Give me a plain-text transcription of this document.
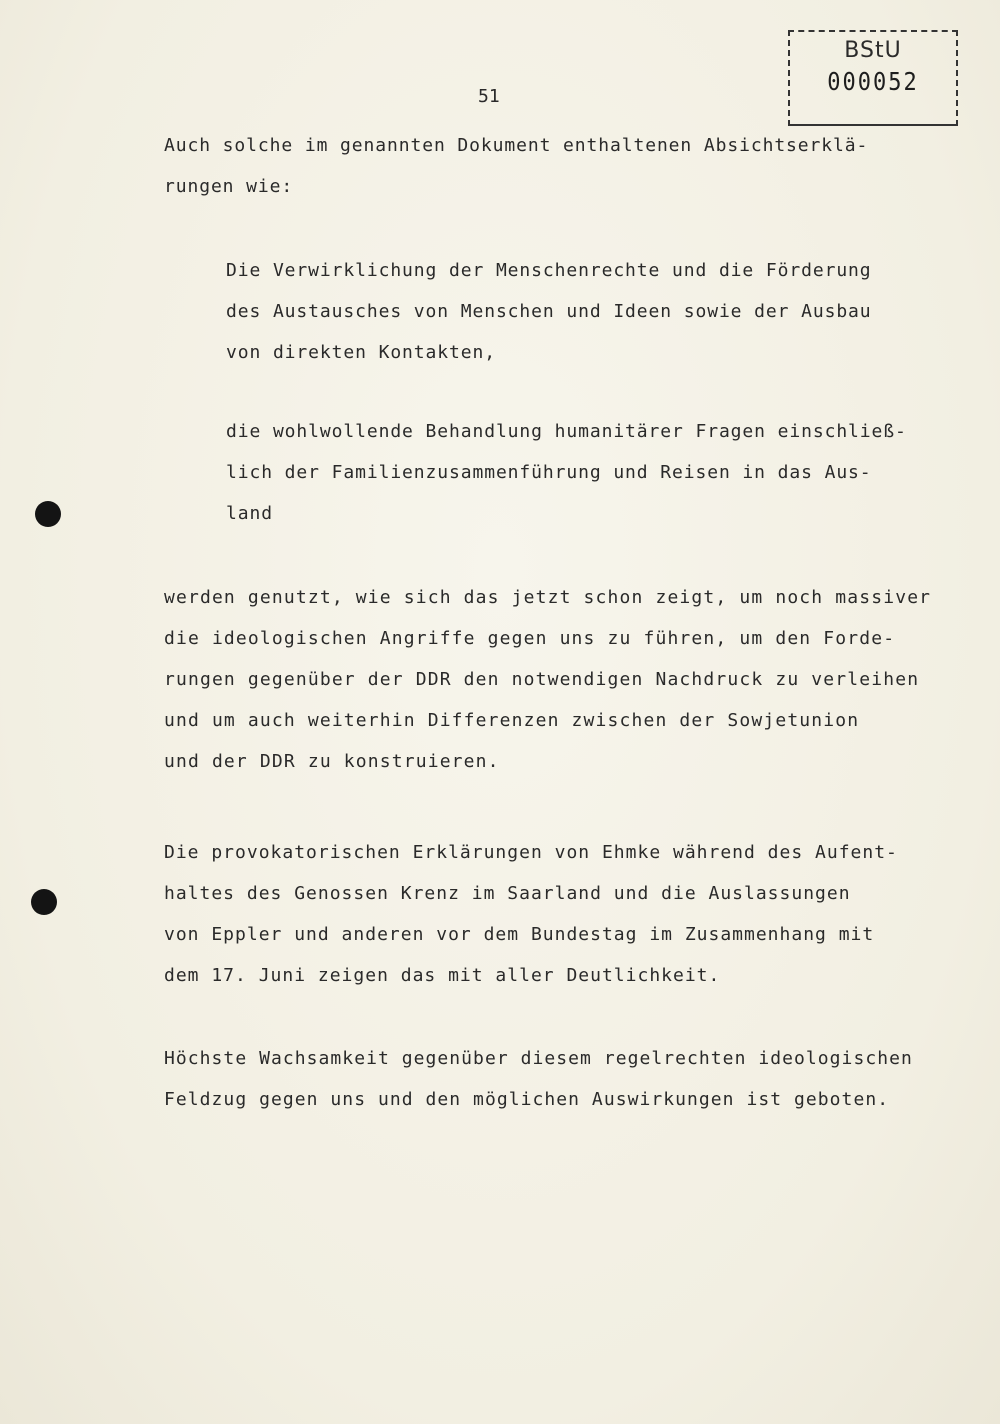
BStU
000052
51
Auch solche im genannten Dokument enthaltenen Absichtserklä-
rungen wie:
Die Verwirklichung der Menschenrechte und die Förderung
des Austausches von Menschen und Ideen sowie der Ausbau
von direkten Kontakten,
die wohlwollende Behandlung humanitärer Fragen einschließ-
lich der Familienzusammenführung und Reisen in das Aus-
land
werden genutzt, wie sich das jetzt schon zeigt, um noch massiver
die ideologischen Angriffe gegen uns zu führen, um den Forde-
rungen gegenüber der DDR den notwendigen Nachdruck zu verleihen
und um auch weiterhin Differenzen zwischen der Sowjetunion
und der DDR zu konstruieren.
Die provokatorischen Erklärungen von Ehmke während des Aufent-
haltes des Genossen Krenz im Saarland und die Auslassungen
von Eppler und anderen vor dem Bundestag im Zusammenhang mit
dem 17. Juni zeigen das mit aller Deutlichkeit.
Höchste Wachsamkeit gegenüber diesem regelrechten ideologischen
Feldzug gegen uns und den möglichen Auswirkungen ist geboten.
